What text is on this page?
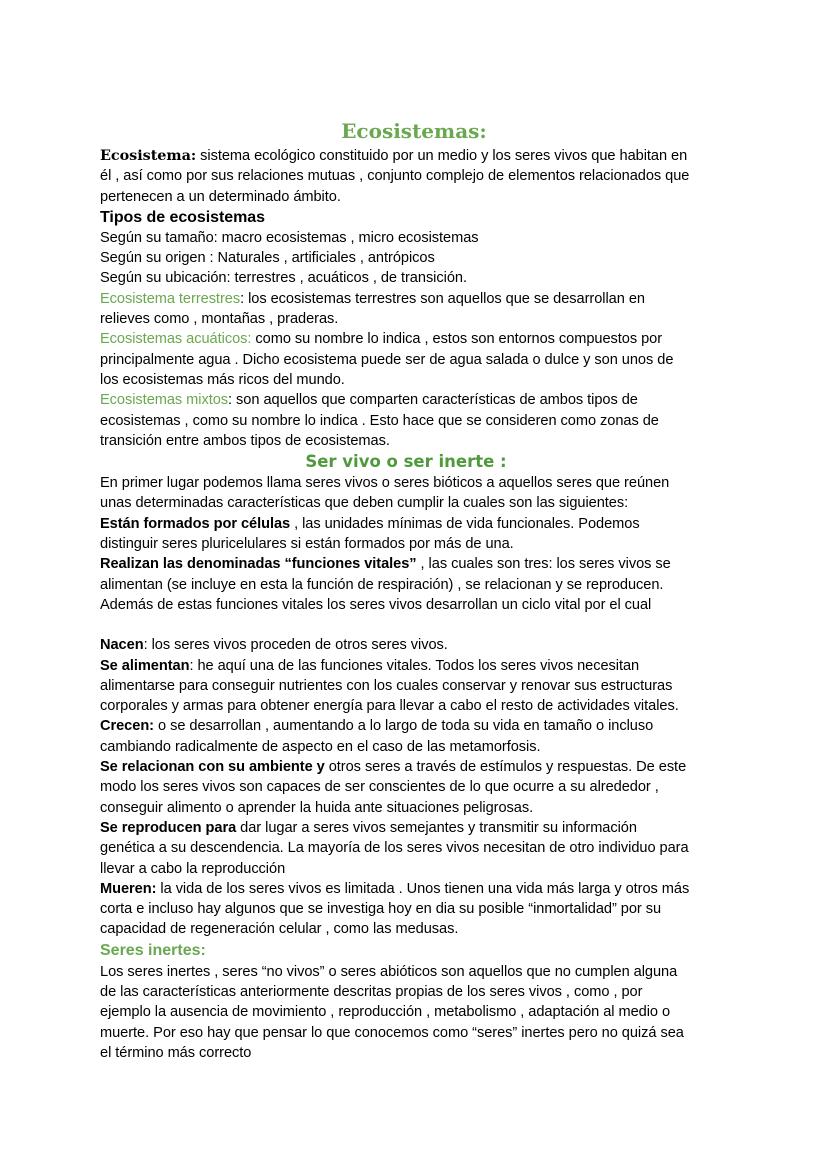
Ecosistemas:
Ecosistema: sistema ecológico constituido por un medio y los seres vivos que habitan en
él , así como por sus relaciones mutuas , conjunto complejo de elementos relacionados que
pertenecen a un determinado ámbito.
Tipos de ecosistemas
Según su tamaño: macro ecosistemas , micro ecosistemas
Según su origen : Naturales , artificiales , antrópicos
Según su ubicación: terrestres , acuáticos , de transición.
Ecosistema terrestres: los ecosistemas terrestres son aquellos que se desarrollan en
relieves como , montañas , praderas.
Ecosistemas acuáticos: como su nombre lo indica , estos son entornos compuestos por
principalmente agua . Dicho ecosistema puede ser de agua salada o dulce y son unos de
los ecosistemas más ricos del mundo.
Ecosistemas mixtos: son aquellos que comparten características de ambos tipos de
ecosistemas , como su nombre lo indica . Esto hace que se consideren como zonas de
transición entre ambos tipos de ecosistemas.
Ser vivo o ser inerte :
En primer lugar podemos llama seres vivos o seres bióticos a aquellos seres que reúnen
unas determinadas características que deben cumplir la cuales son las siguientes:
Están formados por células , las unidades mínimas de vida funcionales. Podemos
distinguir seres pluricelulares si están formados por más de una.
Realizan las denominadas “funciones vitales” , las cuales son tres: los seres vivos se
alimentan (se incluye en esta la función de respiración) , se relacionan y se reproducen.
Además de estas funciones vitales los seres vivos desarrollan un ciclo vital por el cual
Nacen: los seres vivos proceden de otros seres vivos.
Se alimentan: he aquí una de las funciones vitales. Todos los seres vivos necesitan
alimentarse para conseguir nutrientes con los cuales conservar y renovar sus estructuras
corporales y armas para obtener energía para llevar a cabo el resto de actividades vitales.
Crecen: o se desarrollan , aumentando a lo largo de toda su vida en tamaño o incluso
cambiando radicalmente de aspecto en el caso de las metamorfosis.
Se relacionan con su ambiente y otros seres a través de estímulos y respuestas. De este
modo los seres vivos son capaces de ser conscientes de lo que ocurre a su alrededor ,
conseguir alimento o aprender la huida ante situaciones peligrosas.
Se reproducen para dar lugar a seres vivos semejantes y transmitir su información
genética a su descendencia. La mayoría de los seres vivos necesitan de otro individuo para
llevar a cabo la reproducción
Mueren: la vida de los seres vivos es limitada . Unos tienen una vida más larga y otros más
corta e incluso hay algunos que se investiga hoy en dia su posible “inmortalidad” por su
capacidad de regeneración celular , como las medusas.
Seres inertes:
Los seres inertes , seres “no vivos” o seres abióticos son aquellos que no cumplen alguna
de las características anteriormente descritas propias de los seres vivos , como , por
ejemplo la ausencia de movimiento , reproducción , metabolismo , adaptación al medio o
muerte. Por eso hay que pensar lo que conocemos como “seres” inertes pero no quizá sea
el término más correcto
